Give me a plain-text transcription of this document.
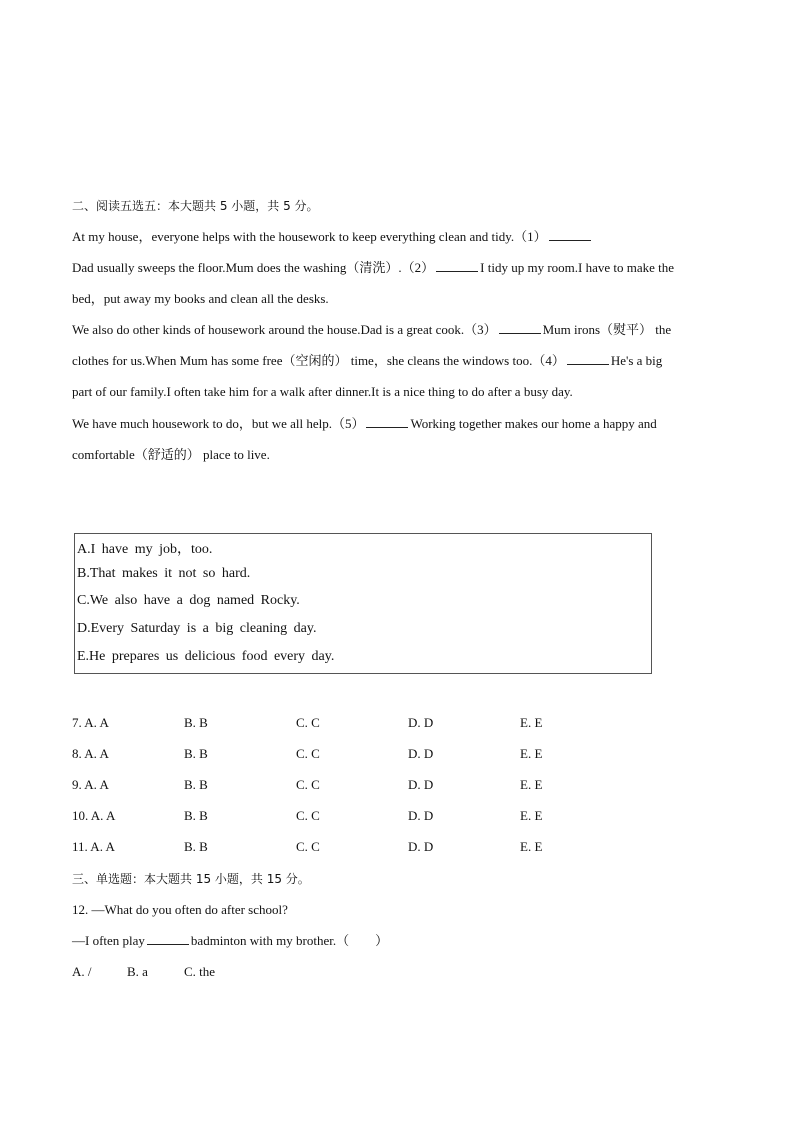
二、阅读五选五：本大题共 5 小题，共 5 分。
At my house，everyone helps with the housework to keep everything clean and tidy.（1）
Dad usually sweeps the floor.Mum does the washing（清洗）.（2）	I tidy up my room.I have to make the
bed，put away my books and clean all the desks.
We also do other kinds of housework around the house.Dad is a great cook.（3）	Mum irons（熨平） the
clothes for us.When Mum has some free（空闲的） time，she cleans the windows too.（4）	He's a big
part of our family.I often take him for a walk after dinner.It is a nice thing to do after a busy day.
We have much housework to do，but we all help.（5）	Working together makes our home a happy and
comfortable（舒适的） place to live.
A.I have my job，too.
B.That makes it not so hard.
C.We also have a dog named Rocky.
D.Every Saturday is a big cleaning day.
E.He prepares us delicious food every day.
7. A. A	B. B	C. C	D. D	E. E
8. A. A	B. B	C. C	D. D	E. E
9. A. A	B. B	C. C	D. D	E. E
10. A. A	B. B	C. C	D. D	E. E
11. A. A	B. B	C. C	D. D	E. E
三、单选题：本大题共 15 小题，共 15 分。
12. —What do you often do after school?
—I often play	badminton with my brother.（　　）
A. /	B. a	C. the
